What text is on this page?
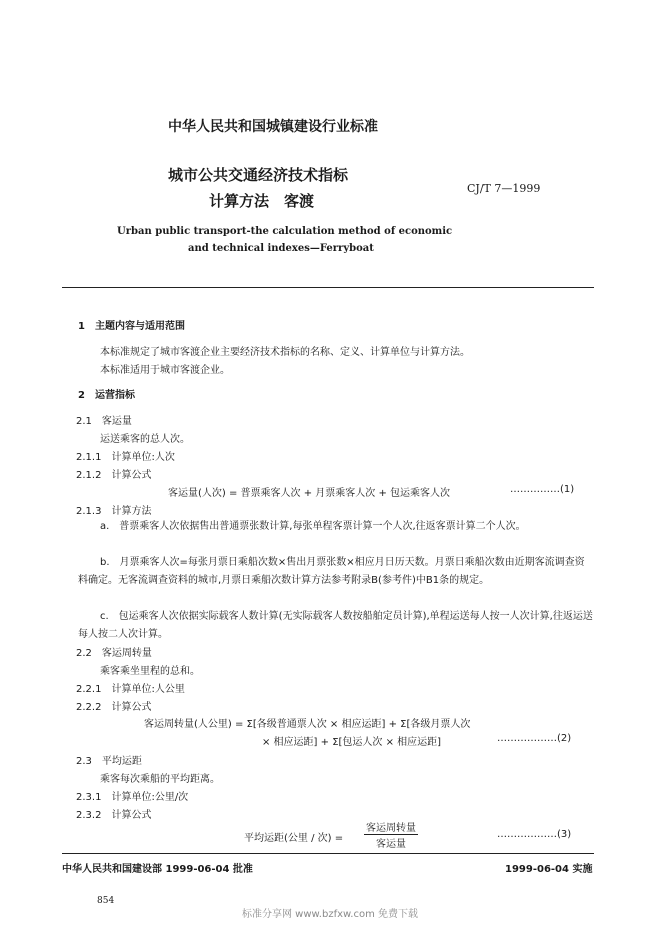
中华人民共和国城镇建设行业标准
城市公共交通经济技术指标
计算方法　客渡
CJ/T 7—1999
Urban public transport-the calculation method of economic
and technical indexes—Ferryboat
1　主题内容与适用范围
本标准规定了城市客渡企业主要经济技术指标的名称、定义、计算单位与计算方法。
本标准适用于城市客渡企业。
2　运营指标
2.1　客运量
运送乘客的总人次。
2.1.1　计算单位:人次
2.1.2　计算公式
客运量(人次) = 普票乘客人次 + 月票乘客人次 + 包运乘客人次	……………(1)
2.1.3　计算方法
a.　普票乘客人次依据售出普通票张数计算,每张单程客票计算一个人次,往返客票计算二个人次。
b.　月票乘客人次=每张月票日乘船次数×售出月票张数×相应月日历天数。月票日乘船次数由近期客流调查资料确定。无客流调查资料的城市,月票日乘船次数计算方法参考附录B(参考件)中B1条的规定。
c.　包运乘客人次依据实际载客人数计算(无实际载客人数按船舶定员计算),单程运送每人按一人次计算,往返运送每人按二人次计算。
2.2　客运周转量
乘客乘坐里程的总和。
2.2.1　计算单位:人公里
2.2.2　计算公式
客运周转量(人公里) = Σ[各级普通票人次 × 相应运距] + Σ[各级月票人次
× 相应运距] + Σ[包运人次 × 相应运距]	………………(2)
2.3　平均运距
乘客每次乘船的平均距离。
2.3.1　计算单位:公里/次
2.3.2　计算公式
平均运距(公里 / 次) =
客运周转量
客运量
………………(3)
中华人民共和国建设部 1999-06-04 批准	1999-06-04 实施
854
标准分享网 www.bzfxw.com 免费下载
